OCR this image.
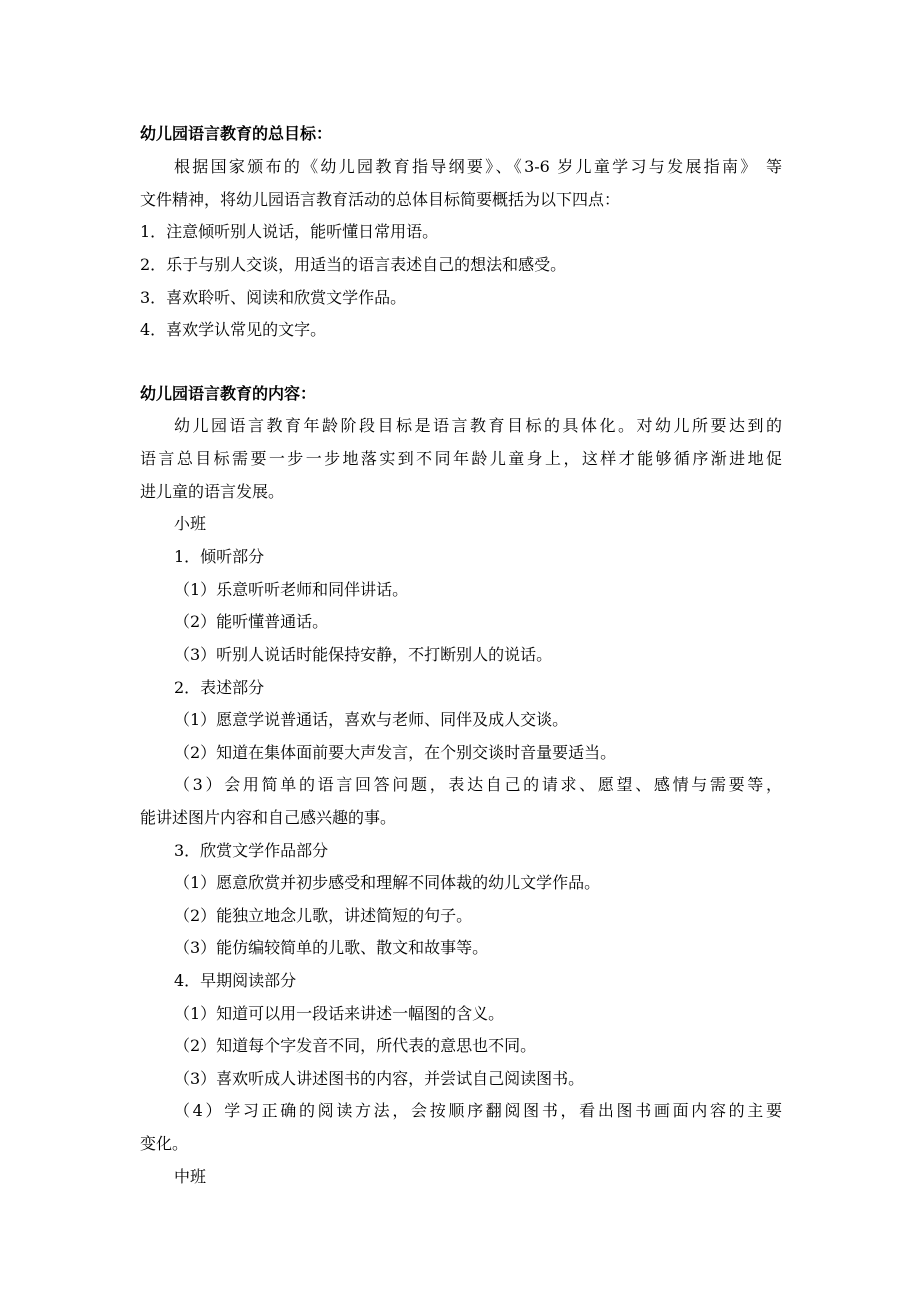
幼儿园语言教育的总目标：
根据国家颁布的《幼儿园教育指导纲要》、《3-6 岁儿童学习与发展指南》 等
文件精神，将幼儿园语言教育活动的总体目标简要概括为以下四点：
1．注意倾听别人说话，能听懂日常用语。
2．乐于与别人交谈，用适当的语言表述自己的想法和感受。
3．喜欢聆听、阅读和欣赏文学作品。
4．喜欢学认常见的文字。
幼儿园语言教育的内容：
幼儿园语言教育年龄阶段目标是语言教育目标的具体化。对幼儿所要达到的
语言总目标需要一步一步地落实到不同年龄儿童身上，这样才能够循序渐进地促
进儿童的语言发展。
小班
1．倾听部分
（1）乐意听听老师和同伴讲话。
（2）能听懂普通话。
（3）听别人说话时能保持安静，不打断别人的说话。
2．表述部分
（1）愿意学说普通话，喜欢与老师、同伴及成人交谈。
（2）知道在集体面前要大声发言，在个别交谈时音量要适当。
（3）会用简单的语言回答问题，表达自己的请求、愿望、感情与需要等，
能讲述图片内容和自己感兴趣的事。
3．欣赏文学作品部分
（1）愿意欣赏并初步感受和理解不同体裁的幼儿文学作品。
（2）能独立地念儿歌，讲述简短的句子。
（3）能仿编较简单的儿歌、散文和故事等。
4．早期阅读部分
（1）知道可以用一段话来讲述一幅图的含义。
（2）知道每个字发音不同，所代表的意思也不同。
（3）喜欢听成人讲述图书的内容，并尝试自己阅读图书。
（4）学习正确的阅读方法，会按顺序翻阅图书，看出图书画面内容的主要
变化。
中班
